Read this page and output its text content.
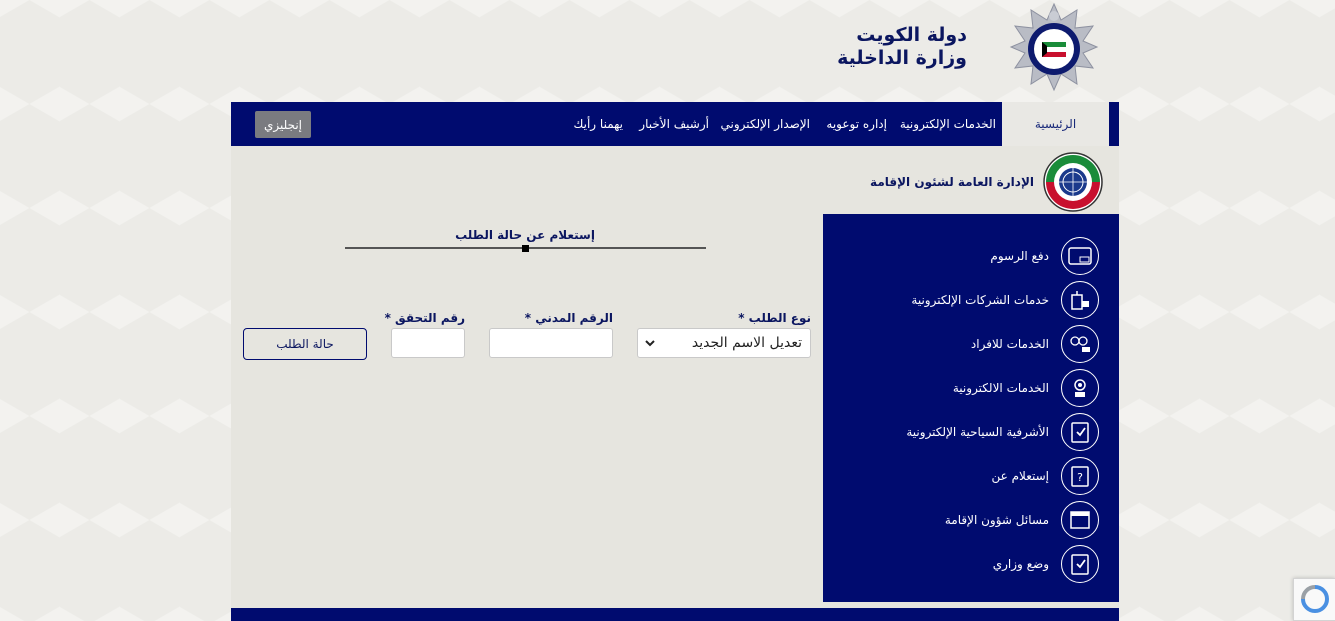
دولة الكويت
وزارة الداخلية
الرئيسية
الخدمات الإلكترونية
إداره توعويه
الإصدار الإلكتروني
أرشيف الأخبار
يهمنا رأيك
إنجليزي
الإدارة العامة لشئون الإقامة
دفع الرسوم
خدمات الشركات الإلكترونية
الخدمات للافراد
الخدمات الالكترونية
الأشرفية السياحية الإلكترونية
?
إستعلام عن
مسائل شؤون الإقامة
وضع وزاري
إستعلام عن حالة الطلب
نوع الطلب *
تعديل الاسم الجديد
الرقم المدني *
رقم التحقق *
حالة الطلب
